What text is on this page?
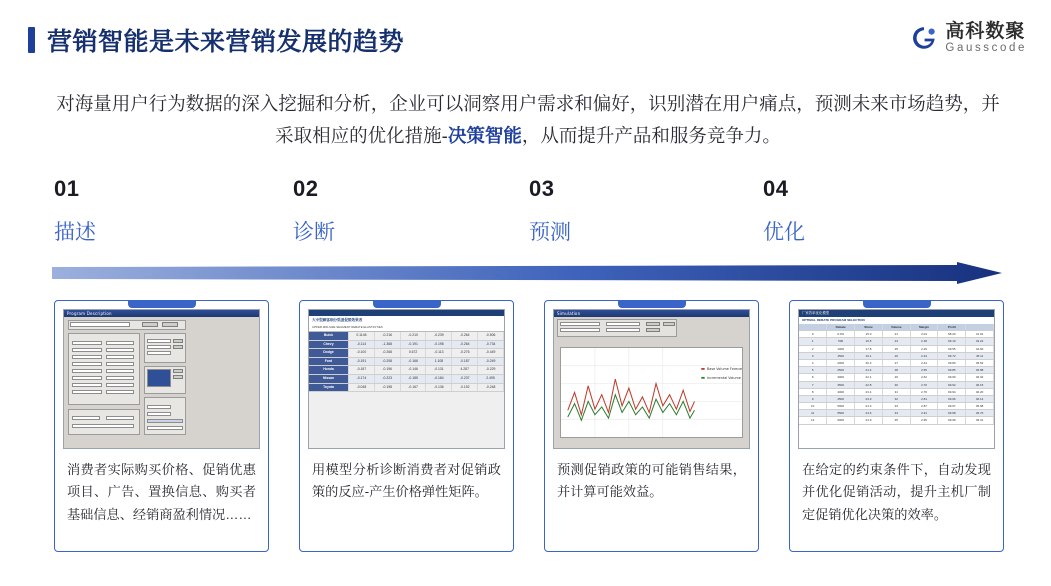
营销智能是未来营销发展的趋势	高科数聚
Gausscode
对海量用户行为数据的深入挖掘和分析，企业可以洞察用户需求和偏好，识别潜在用户痛点，预测未来市场趋势，并采取相应的优化措施-决策智能，从而提升产品和服务竞争力。
01
描述
02
诊断
03
预测
04
优化
Program Description
消费者实际购买价格、促销优惠项目、广告、置换信息、购买者基础信息、经销商盈利情况……
大中型顾客细分渠道促销效果表
UPPER MID-SIZE SEGMENT REBATE ELASTICITIES
Buick	0.1146	-0.216	-0.210	-0.239	-0.264	-0.506
Chevy	-0.114	-1.368	-0.191	-0.198	-0.264	-0.734
Dodge	-0.100	-0.268	0.672	-0.113	-0.276	-0.449
Ford	-0.191	-0.208	-0.166	1.108	-0.187	-0.249
Honda	-0.187	-0.196	-0.146	-0.131	4.287	-0.229
Nissan	-0.174	-0.223	-0.185	-0.184	-0.237	2.495
Toyota	-0.048	-0.198	-0.167	-0.136	-0.192	-0.248
用模型分析诊断消费者对促销政策的反应-产生价格弹性矩阵。
Simulation
Base Volume Forecast
Incremental Volume
预测促销政策的可能销售结果，并计算可能效益。
厂家效率优化模型
OPTIMAL REBATE PROGRAM SELECTION
Rebate	Share	Volume	Margin	Profit
0	0.0%	15.0	21	2.04	98.20	41.91
1	500	16.5	24	2.18	99.10	43.22
2	1000	17.8	25	2.29	99.55	44.60
3	1500	19.1	26	2.34	99.72	45.11
4	2000	20.3	27	2.44	99.80	45.52
5	2500	21.4	28	2.55	99.85	45.88
6	3000	22.1	29	2.62	99.90	46.02
7	3500	22.8	30	2.70	99.92	46.15
8	4000	23.4	31	2.76	99.94	46.20
9	4500	23.9	32	2.81	99.96	46.14
10	5000	24.3	33	2.87	99.97	45.98
11	5500	24.6	34	2.91	99.98	45.70
12	6000	24.9	35	2.95	99.99	45.31
在给定的约束条件下，自动发现并优化促销活动，提升主机厂制定促销优化决策的效率。
